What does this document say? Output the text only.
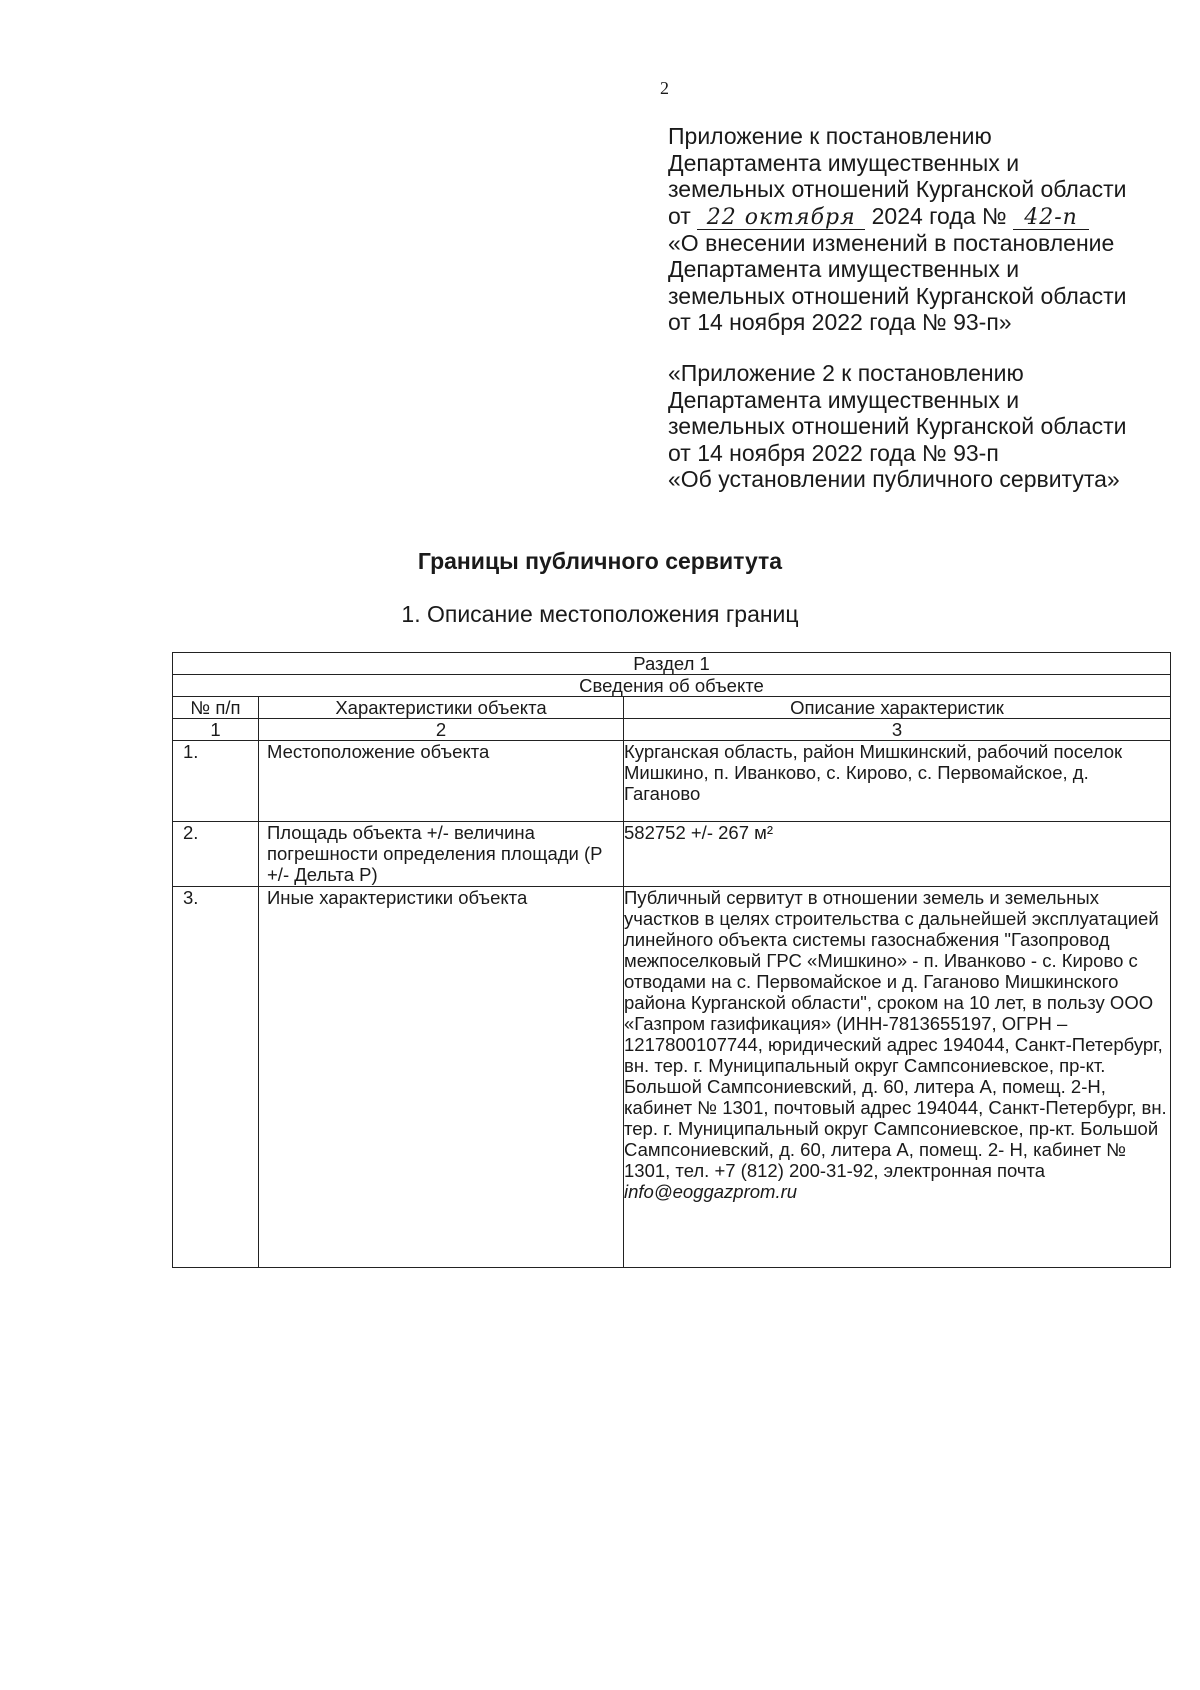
2
Приложение к постановлению
Департамента имущественных и
земельных отношений Курганской области
от 22 октября 2024 года № 42-п
«О внесении изменений в постановление
Департамента имущественных и
земельных отношений Курганской области
от 14 ноября 2022 года № 93-п»
«Приложение 2 к постановлению
Департамента имущественных и
земельных отношений Курганской области
от 14 ноября 2022 года № 93-п
«Об установлении публичного сервитута»
Границы публичного сервитута
1. Описание местоположения границ
Раздел 1		
Сведения об объекте		
№ п/п	Характеристики объекта	Описание характеристик
1	2	3
1.	Местоположение объекта	Курганская область, район Мишкинский, рабочий поселок Мишкино, п. Иванково, с. Кирово, с. Первомайское, д. Гаганово
2.	Площадь объекта +/- величина погрешности определения площади (Р +/- Дельта Р)	582752 +/- 267 м²
3.	Иные характеристики объекта	Публичный сервитут в отношении земель и земельных участков в целях строительства с дальнейшей эксплуатацией линейного объекта системы газоснабжения "Газопровод межпоселковый ГРС «Мишкино» - п. Иванково - с. Кирово с отводами на с. Первомайское и д. Гаганово Мишкинского района Курганской области", сроком на 10 лет, в пользу ООО «Газпром газификация» (ИНН-7813655197, ОГРН – 1217800107744, юридический адрес 194044, Санкт-Петербург, вн. тер. г. Муниципальный округ Сампсониевское, пр-кт. Большой Сампсониевский, д. 60, литера А, помещ. 2-Н, кабинет № 1301, почтовый адрес 194044, Санкт-Петербург, вн. тер. г. Муниципальный округ Сампсониевское, пр-кт. Большой Сампсониевский, д. 60, литера А, помещ. 2- Н, кабинет № 1301, тел. +7 (812) 200-31-92, электронная почта info@eoggazprom.ru
